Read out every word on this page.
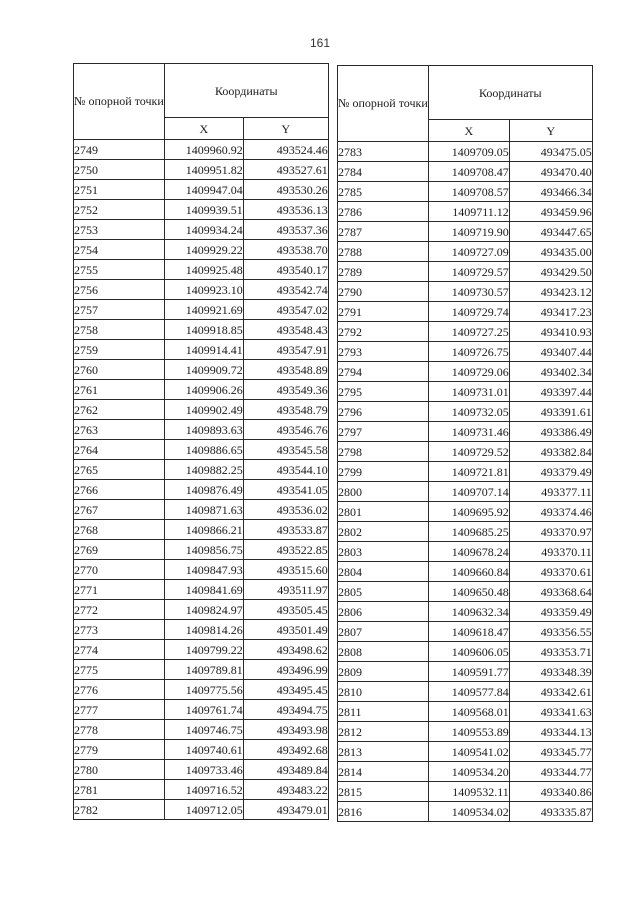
161
№ опорной точки	Координаты	
	X	Y
2749	1409960.92	493524.46
2750	1409951.82	493527.61
2751	1409947.04	493530.26
2752	1409939.51	493536.13
2753	1409934.24	493537.36
2754	1409929.22	493538.70
2755	1409925.48	493540.17
2756	1409923.10	493542.74
2757	1409921.69	493547.02
2758	1409918.85	493548.43
2759	1409914.41	493547.91
2760	1409909.72	493548.89
2761	1409906.26	493549.36
2762	1409902.49	493548.79
2763	1409893.63	493546.76
2764	1409886.65	493545.58
2765	1409882.25	493544.10
2766	1409876.49	493541.05
2767	1409871.63	493536.02
2768	1409866.21	493533.87
2769	1409856.75	493522.85
2770	1409847.93	493515.60
2771	1409841.69	493511.97
2772	1409824.97	493505.45
2773	1409814.26	493501.49
2774	1409799.22	493498.62
2775	1409789.81	493496.99
2776	1409775.56	493495.45
2777	1409761.74	493494.75
2778	1409746.75	493493.98
2779	1409740.61	493492.68
2780	1409733.46	493489.84
2781	1409716.52	493483.22
2782	1409712.05	493479.01
№ опорной точки	Координаты	
	X	Y
2783	1409709.05	493475.05
2784	1409708.47	493470.40
2785	1409708.57	493466.34
2786	1409711.12	493459.96
2787	1409719.90	493447.65
2788	1409727.09	493435.00
2789	1409729.57	493429.50
2790	1409730.57	493423.12
2791	1409729.74	493417.23
2792	1409727.25	493410.93
2793	1409726.75	493407.44
2794	1409729.06	493402.34
2795	1409731.01	493397.44
2796	1409732.05	493391.61
2797	1409731.46	493386.49
2798	1409729.52	493382.84
2799	1409721.81	493379.49
2800	1409707.14	493377.11
2801	1409695.92	493374.46
2802	1409685.25	493370.97
2803	1409678.24	493370.11
2804	1409660.84	493370.61
2805	1409650.48	493368.64
2806	1409632.34	493359.49
2807	1409618.47	493356.55
2808	1409606.05	493353.71
2809	1409591.77	493348.39
2810	1409577.84	493342.61
2811	1409568.01	493341.63
2812	1409553.89	493344.13
2813	1409541.02	493345.77
2814	1409534.20	493344.77
2815	1409532.11	493340.86
2816	1409534.02	493335.87
